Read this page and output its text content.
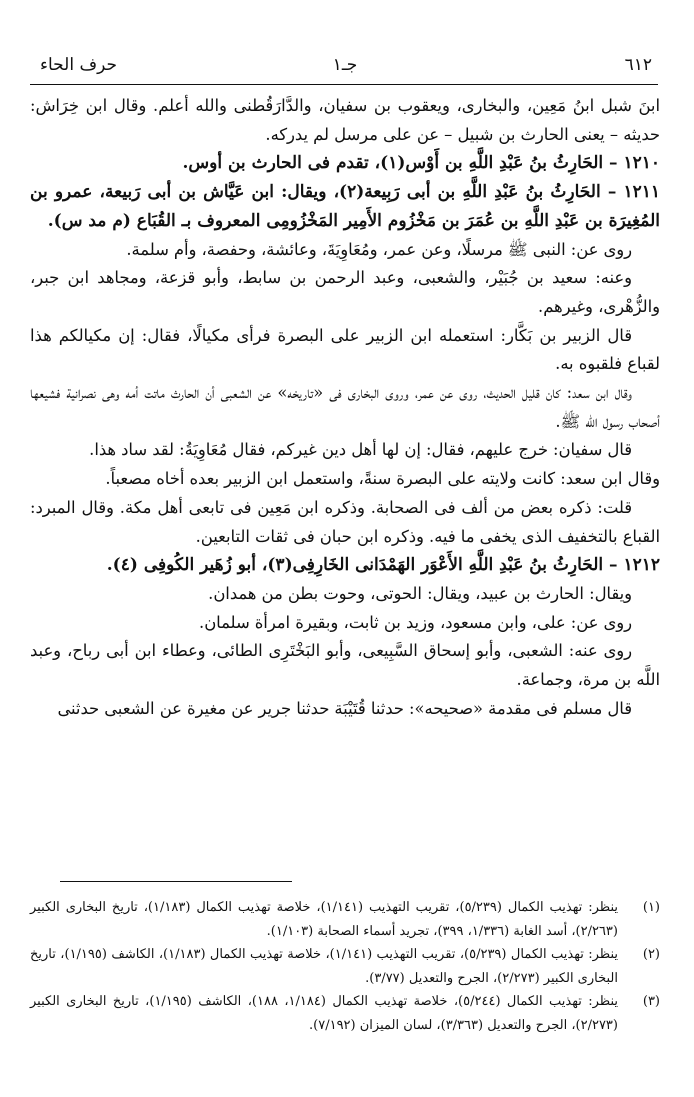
٦١٢
جـ١
حرف الحاء

ابنَ شبل ابنُ مَعِين، والبخارى، ويعقوب بن سفيان، والدَّارَقُطنى والله أعلم. وقال ابن خِرَاش: حديثه – يعنى الحارث بن شبيل – عن على مرسل لم يدركه.

١٢١٠ – الحَارِثُ بنُ عَبْدِ اللَّهِ بن أَوْس(١)، تقدم فى الحارث بن أوس.

١٢١١ – الحَارِثُ بنُ عَبْدِ اللَّهِ بن أبى رَبِيعة(٢)، ويقال: ابن عَيَّاش بن أبى رَبيعة، عمرو بن المُغِيرَة بن عَبْدِ اللَّهِ بن عُمَرَ بن مَخْزُوم الأَمِير المَخْزُومِى المعروف بـ القُبَاع (م مد س).

روى عن: النبى ﷺ مرسلًا، وعن عمر، ومُعَاوِيَةَ، وعائشة، وحفصة، وأم سلمة.

وعنه: سعيد بن جُبَيْر، والشعبى، وعبد الرحمن بن سابط، وأبو قزعة، ومجاهد ابن جبر، والزُّهْرى، وغيرهم.

قال الزبير بن بَكَّار: استعمله ابن الزبير على البصرة فرأى مكيالًا، فقال: إن مكيالكم هذا لقباع فلقبوه به.

وقال ابن سعد: كان قليل الحديث، روى عن عمر، وروى البخارى فى «تاريخه» عن الشعبى أن الحارث ماتت أمه وهى نصرانية فشيعها أصحاب رسول الله ﷺ.

قال سفيان: خرج عليهم، فقال: إن لها أهل دين غيركم، فقال مُعَاوِيَةُ: لقد ساد هذا.

وقال ابن سعد: كانت ولايته على البصرة سنةً، واستعمل ابن الزبير بعده أخاه مصعباً.

قلت: ذكره بعض من ألف فى الصحابة. وذكره ابن مَعِين فى تابعى أهل مكة. وقال المبرد: القباع بالتخفيف الذى يخفى ما فيه. وذكره ابن حبان فى ثقات التابعين.

١٢١٢ – الحَارِثُ بنُ عَبْدِ اللَّهِ الأَعْوَر الهَمْدَانى الخَارِفِى(٣)، أبو زُهَير الكُوفِى (٤).

ويقال: الحارث بن عبيد، ويقال: الحوتى، وحوت بطن من همدان.

روى عن: على، وابن مسعود، وزيد بن ثابت، وبقيرة امرأة سلمان.

روى عنه: الشعبى، وأبو إسحاق السَّبِيعى، وأبو البَخْتَرِى الطائى، وعطاء ابن أبى رباح، وعبد اللَّه بن مرة، وجماعة.

قال مسلم فى مقدمة «صحيحه»: حدثنا قُتَيْبَة حدثنا جرير عن مغيرة عن الشعبى حدثنى

(١)
ينظر: تهذيب الكمال (٥/٢٣٩)، تقريب التهذيب (١/١٤١)، خلاصة تهذيب الكمال (١/١٨٣)، تاريخ البخارى الكبير (٢/٢٦٣)، أسد الغابة (١/٣٣٦، ٣٩٩)، تجريد أسماء الصحابة (١/١٠٣).
(٢)
ينظر: تهذيب الكمال (٥/٢٣٩)، تقريب التهذيب (١/١٤١)، خلاصة تهذيب الكمال (١/١٨٣)، الكاشف (١/١٩٥)، تاريخ البخارى الكبير (٢/٢٧٣)، الجرح والتعديل (٣/٧٧).
(٣)
ينظر: تهذيب الكمال (٥/٢٤٤)، خلاصة تهذيب الكمال (١/١٨٤، ١٨٨)، الكاشف (١/١٩٥)، تاريخ البخارى الكبير (٢/٢٧٣)، الجرح والتعديل (٣/٣٦٣)، لسان الميزان (٧/١٩٢).
